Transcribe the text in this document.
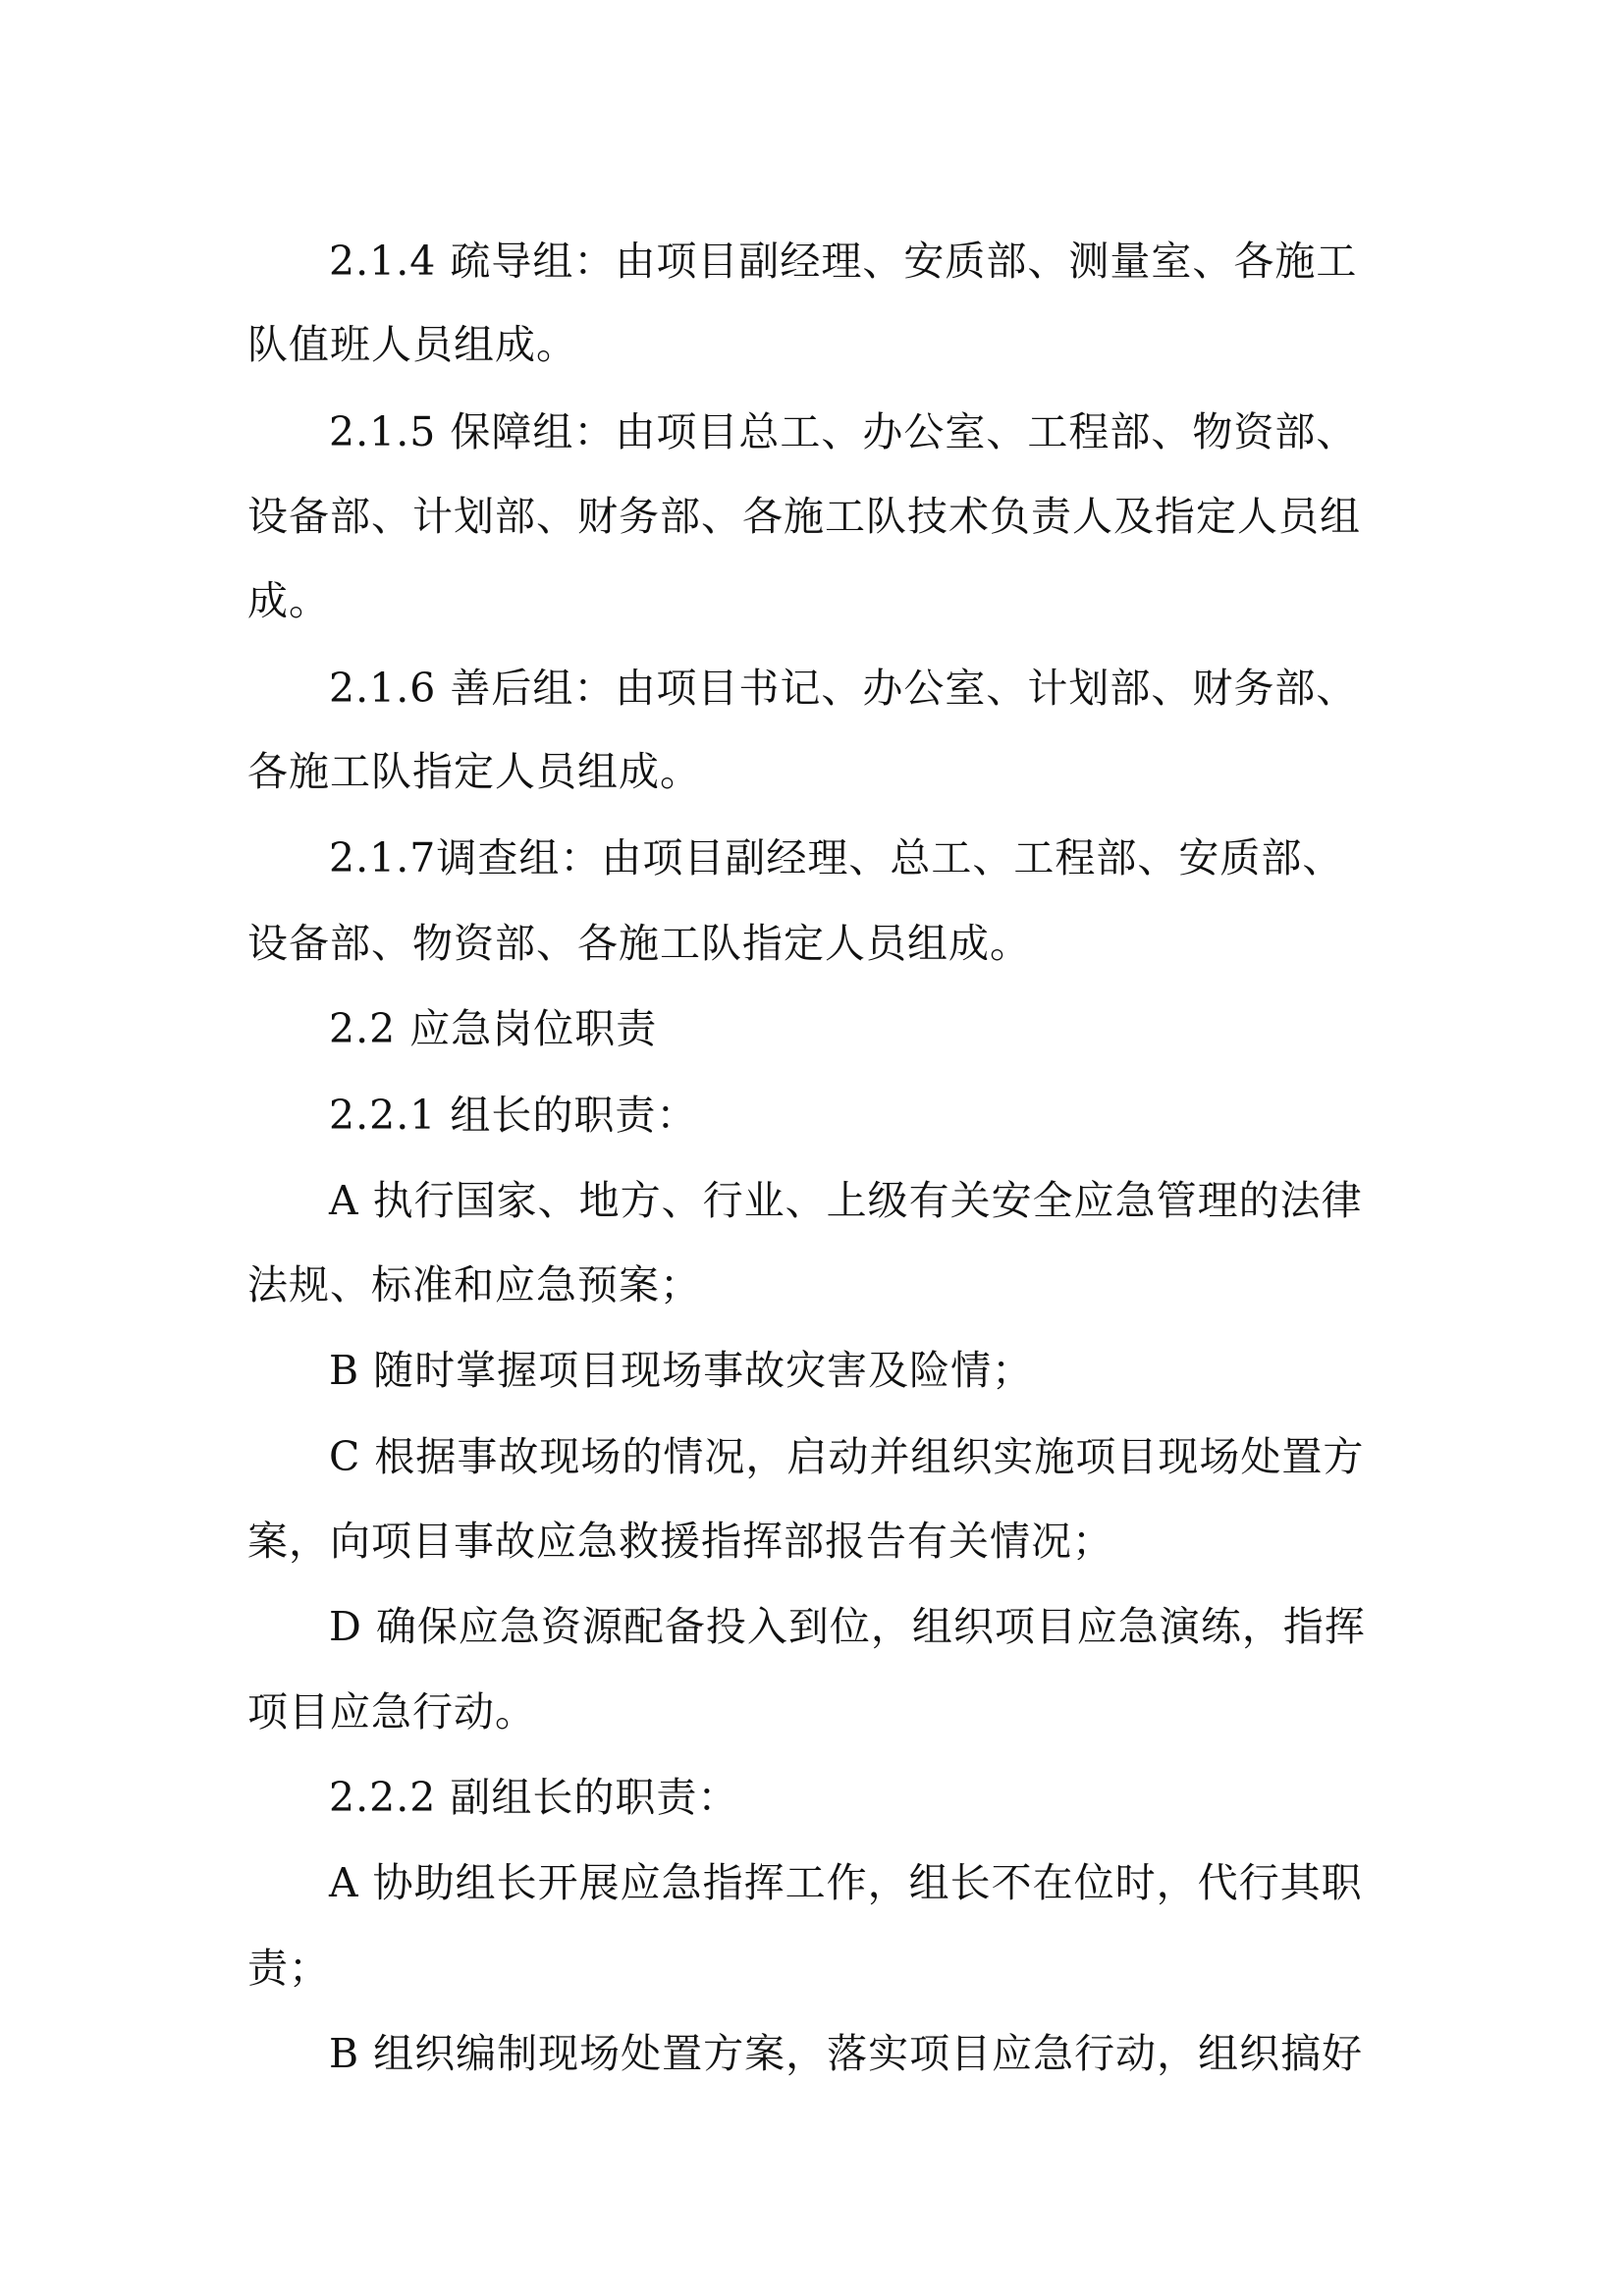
2.1.4 疏导组：由项目副经理、安质部、测量室、各施工
队值班人员组成。
2.1.5 保障组：由项目总工、办公室、工程部、物资部、
设备部、计划部、财务部、各施工队技术负责人及指定人员组
成。
2.1.6 善后组：由项目书记、办公室、计划部、财务部、
各施工队指定人员组成。
2.1.7调查组：由项目副经理、总工、工程部、安质部、
设备部、物资部、各施工队指定人员组成。
2.2 应急岗位职责
2.2.1 组长的职责：
A 执行国家、地方、行业、上级有关安全应急管理的法律
法规、标准和应急预案；
B 随时掌握项目现场事故灾害及险情；
C 根据事故现场的情况，启动并组织实施项目现场处置方
案，向项目事故应急救援指挥部报告有关情况；
D 确保应急资源配备投入到位，组织项目应急演练，指挥
项目应急行动。
2.2.2 副组长的职责：
A 协助组长开展应急指挥工作，组长不在位时，代行其职
责；
B 组织编制现场处置方案，落实项目应急行动，组织搞好
